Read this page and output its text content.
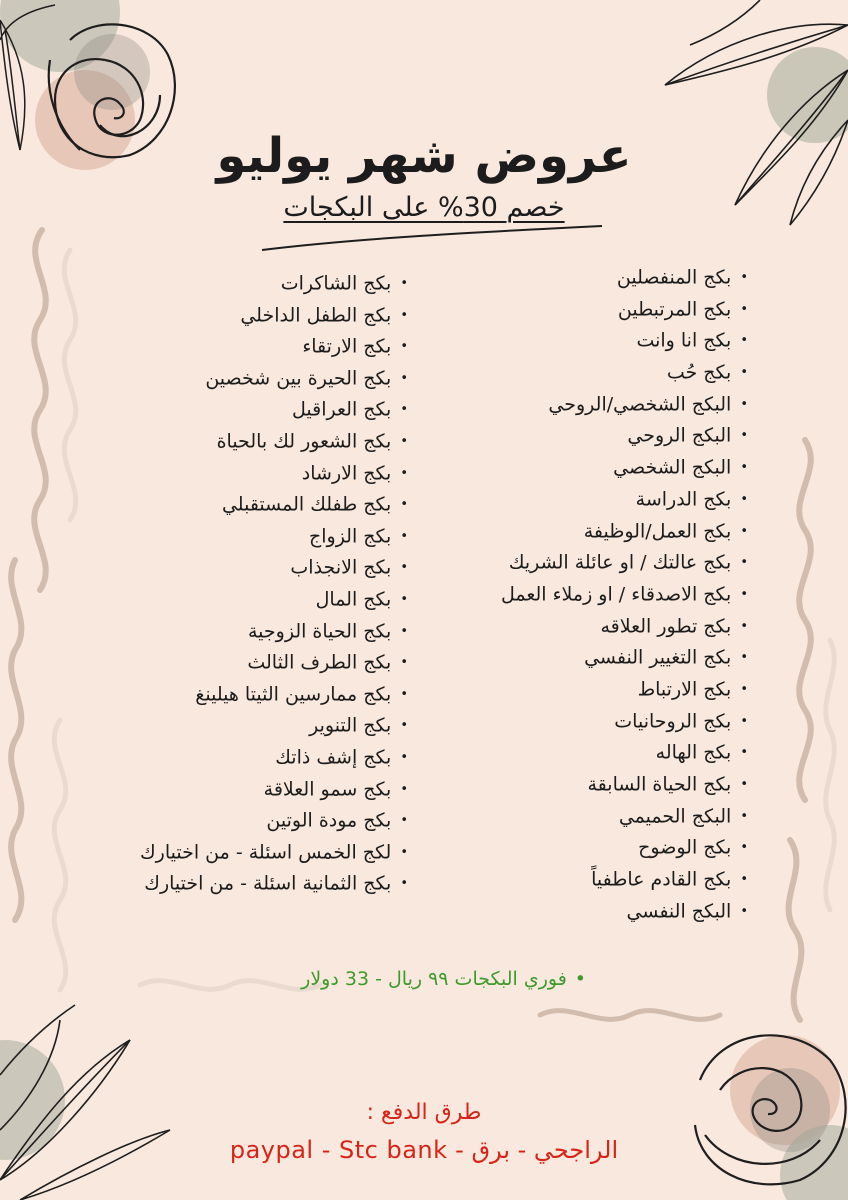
عروض شهر يوليو

خصم 30% على البكجات

• بكج المنفصلين
• بكج المرتبطين
• بكج انا وانت
• بكج حُب
• البكج الشخصي/الروحي
• البكج الروحي
• البكج الشخصي
• بكج الدراسة
• بكج العمل/الوظيفة
• بكج عالتك / او عائلة الشريك
• بكج الاصدقاء / او زملاء العمل
• بكج تطور العلاقه
• بكج التغيير النفسي
• بكج الارتباط
• بكج الروحانيات
• بكج الهاله
• بكج الحياة السابقة
• البكج الحميمي
• بكج الوضوح
• بكج القادم عاطفياً
• البكج النفسي
• بكج الشاكرات
• بكج الطفل الداخلي
• بكج الارتقاء
• بكج الحيرة بين شخصين
• بكج العراقيل
• بكج الشعور لك بالحياة
• بكج الارشاد
• بكج طفلك المستقبلي
• بكج الزواج
• بكج الانجذاب
• بكج المال
• بكج الحياة الزوجية
• بكج الطرف الثالث
• بكج ممارسين الثيتا هيلينغ
• بكج التنوير
• بكج إشف ذاتك
• بكج سمو العلاقة
• بكج مودة الوتين
• لكج الخمس اسئلة - من اختيارك
• بكج الثمانية اسئلة - من اختيارك

• فوري البكجات ٩٩ ريال - 33 دولار

طرق الدفع :

الراجحي - برق - paypal - Stc bank
